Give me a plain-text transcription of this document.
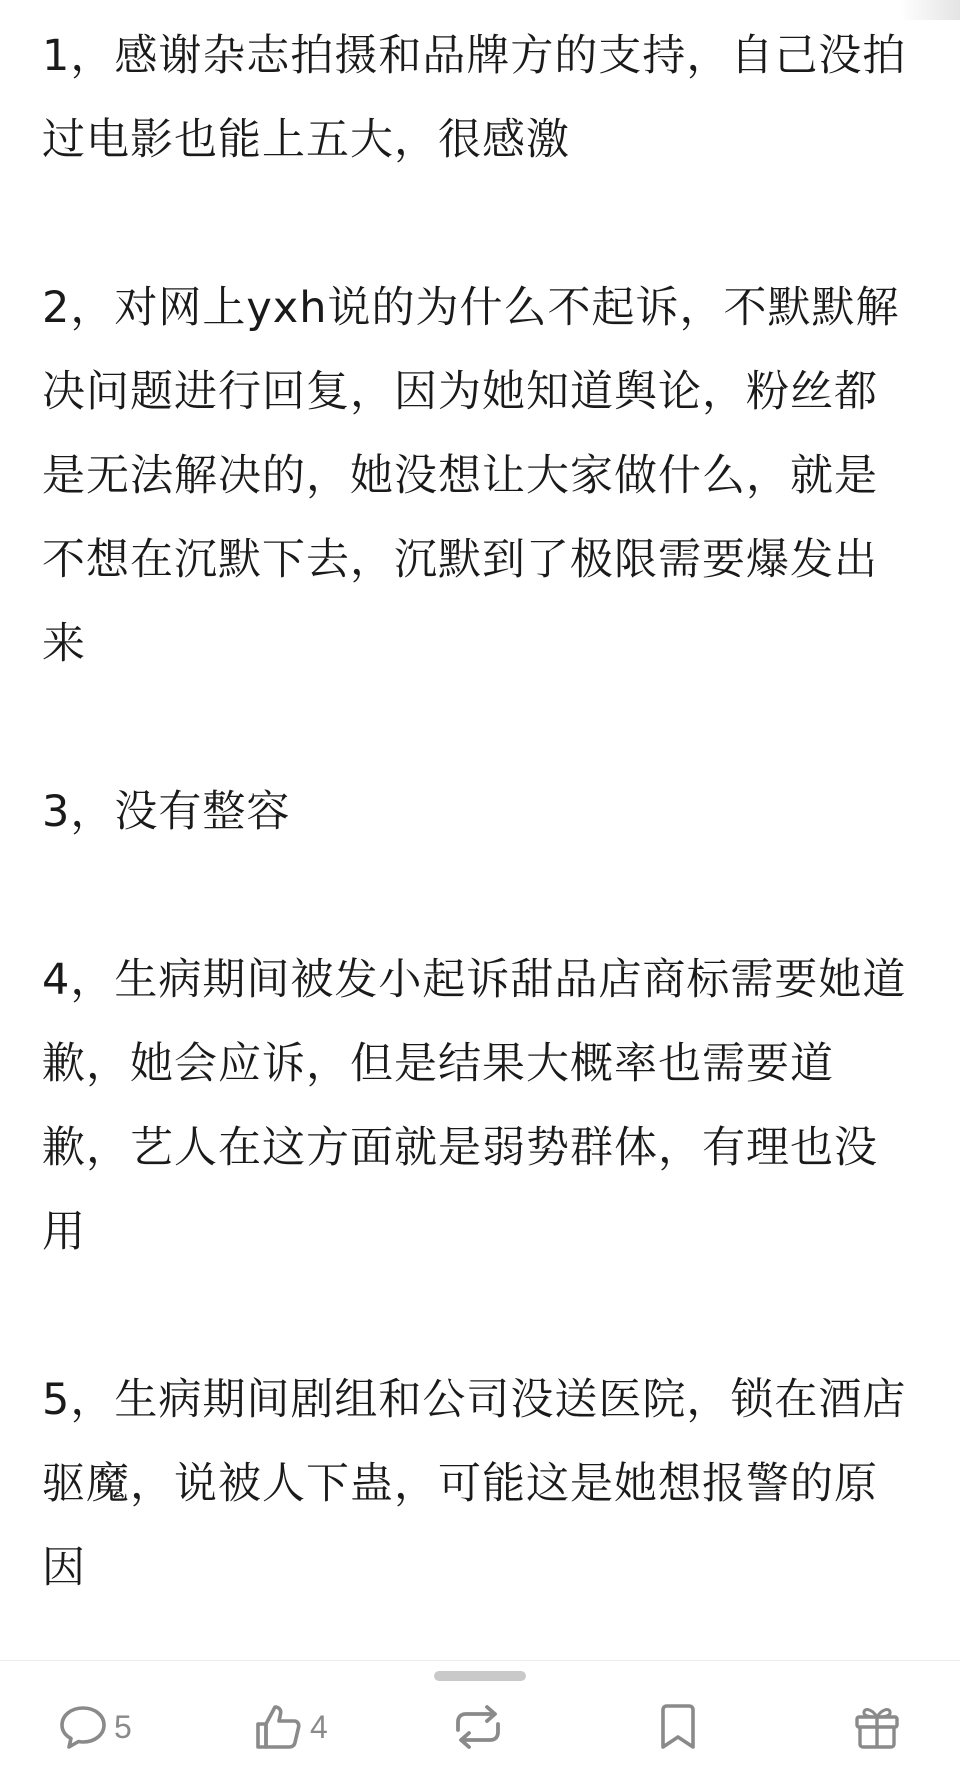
1，感谢杂志拍摄和品牌方的支持，自己没拍过电影也能上五大，很感激

2，对网上yxh说的为什么不起诉，不默默解决问题进行回复，因为她知道舆论，粉丝都是无法解决的，她没想让大家做什么，就是不想在沉默下去，沉默到了极限需要爆发出来

3，没有整容

4，生病期间被发小起诉甜品店商标需要她道歉，她会应诉，但是结果大概率也需要道歉，艺人在这方面就是弱势群体，有理也没用

5，生病期间剧组和公司没送医院，锁在酒店驱魔，说被人下蛊，可能这是她想报警的原因

5	4
